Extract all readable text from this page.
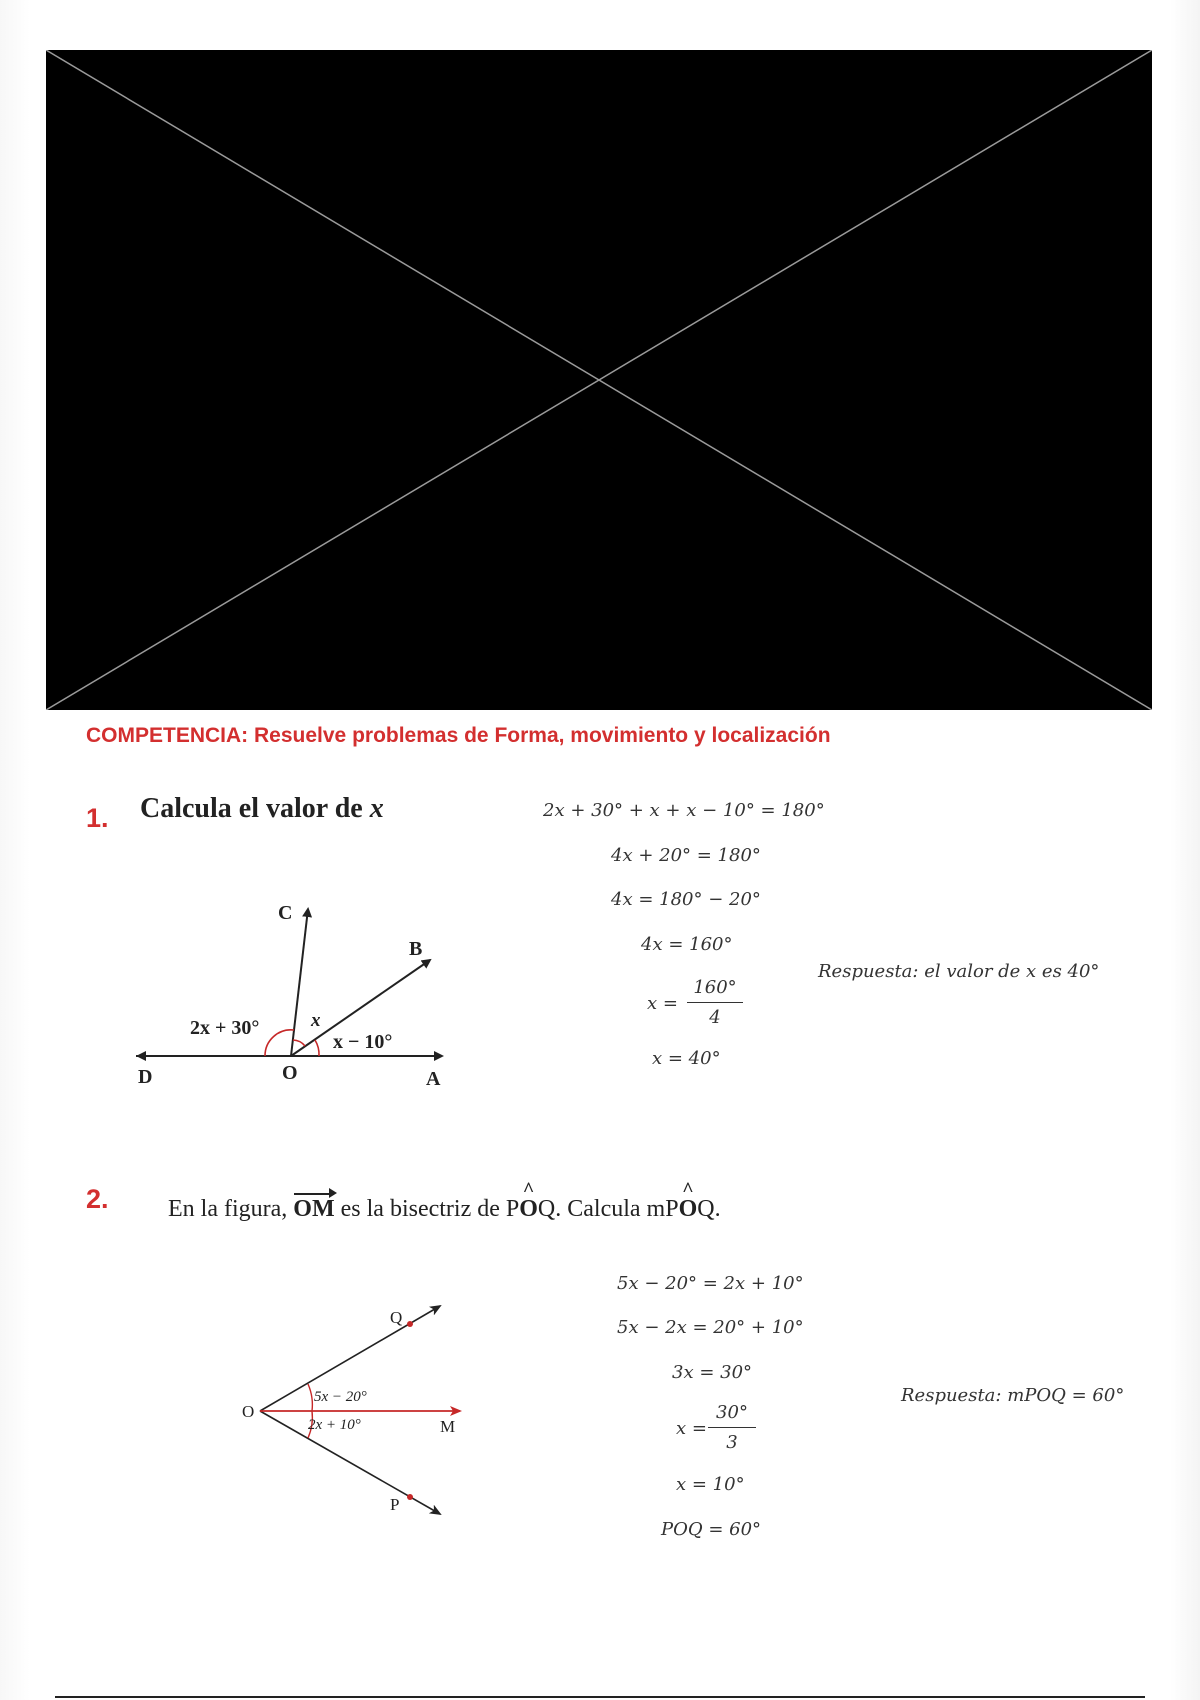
COMPETENCIA: Resuelve problemas de Forma, movimiento y localización
1. Calcula el valor de x
C
B
D	O	A
2x + 30°	x
x − 10°
2x + 30° + x + x − 10° = 180°
4x + 20° = 180°
4x = 180° − 20°
4x = 160°
x =
160°
4
x = 40°
Respuesta: el valor de x es 40°
2. En la figura, OM es la bisectriz de P^ OQ. Calcula mP^ OQ.
Q
O
M
P
5x − 20°
2x + 10°
5x − 20° = 2x + 10°
5x − 2x = 20° + 10°
3x = 30°
x =
30°
3
x = 10°
POQ = 60°
Respuesta: mPOQ = 60°
